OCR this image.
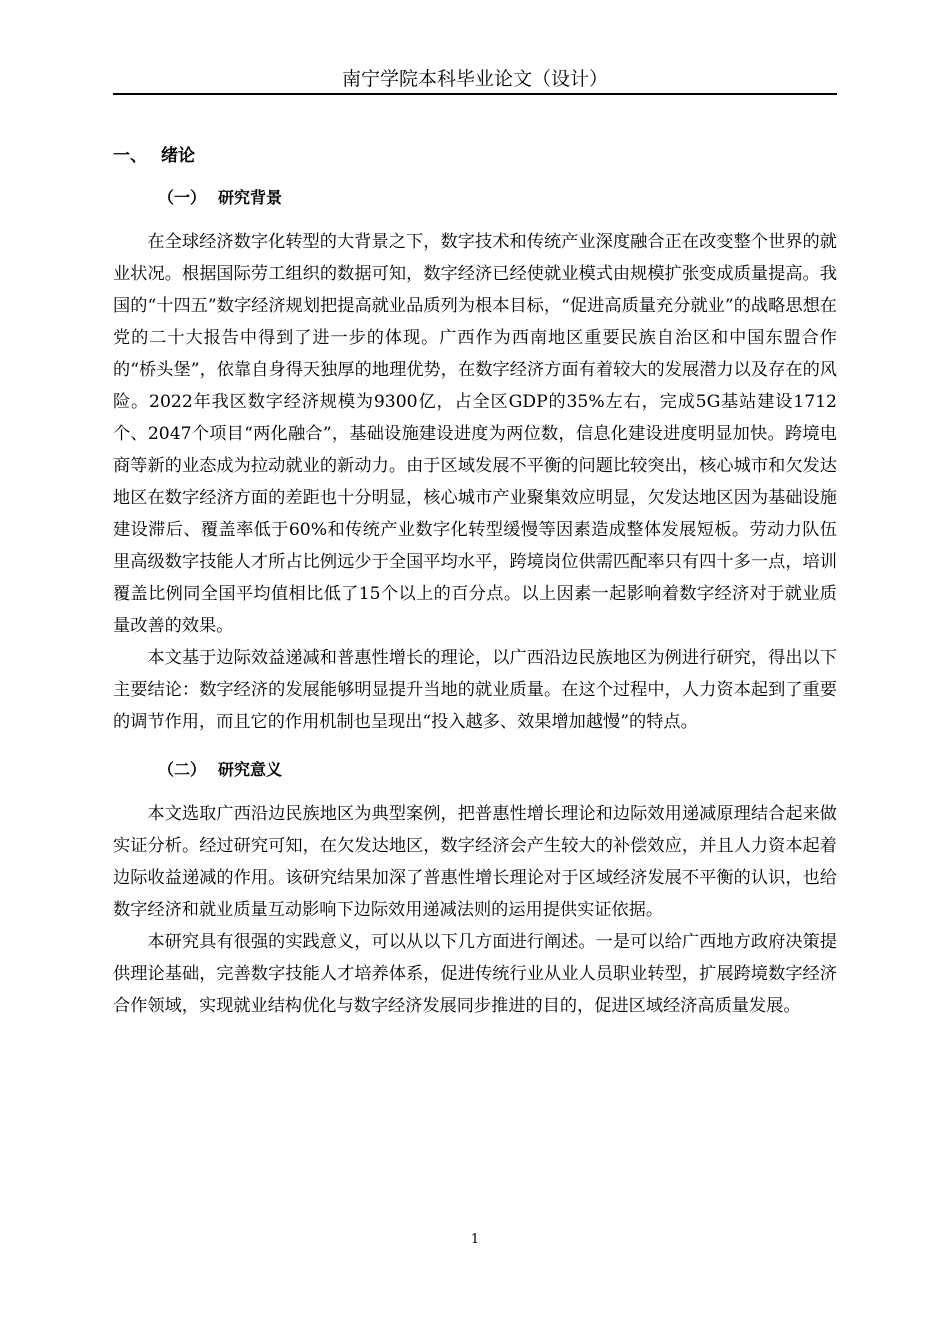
南宁学院本科毕业论文（设计）
一、 绪论
（一） 研究背景

在全球经济数字化转型的大背景之下，数字技术和传统产业深度融合正在改变整个世界的就业状况。根据国际劳工组织的数据可知，数字经济已经使就业模式由规模扩张变成质量提高。我国的“十四五”数字经济规划把提高就业品质列为根本目标，“促进高质量充分就业”的战略思想在党的二十大报告中得到了进一步的体现。广西作为西南地区重要民族自治区和中国东盟合作的“桥头堡”，依靠自身得天独厚的地理优势，在数字经济方面有着较大的发展潜力以及存在的风险。2022年我区数字经济规模为9300亿，占全区GDP的35%左右，完成5G基站建设1712个、2047个项目“两化融合”，基础设施建设进度为两位数，信息化建设进度明显加快。跨境电商等新的业态成为拉动就业的新动力。由于区域发展不平衡的问题比较突出，核心城市和欠发达地区在数字经济方面的差距也十分明显，核心城市产业聚集效应明显，欠发达地区因为基础设施建设滞后、覆盖率低于60%和传统产业数字化转型缓慢等因素造成整体发展短板。劳动力队伍里高级数字技能人才所占比例远少于全国平均水平，跨境岗位供需匹配率只有四十多一点，培训覆盖比例同全国平均值相比低了15个以上的百分点。以上因素一起影响着数字经济对于就业质量改善的效果。

本文基于边际效益递减和普惠性增长的理论，以广西沿边民族地区为例进行研究，得出以下主要结论：数字经济的发展能够明显提升当地的就业质量。在这个过程中，人力资本起到了重要的调节作用，而且它的作用机制也呈现出“投入越多、效果增加越慢”的特点。

（二） 研究意义

本文选取广西沿边民族地区为典型案例，把普惠性增长理论和边际效用递减原理结合起来做实证分析。经过研究可知，在欠发达地区，数字经济会产生较大的补偿效应，并且人力资本起着边际收益递减的作用。该研究结果加深了普惠性增长理论对于区域经济发展不平衡的认识，也给数字经济和就业质量互动影响下边际效用递减法则的运用提供实证依据。

本研究具有很强的实践意义，可以从以下几方面进行阐述。一是可以给广西地方政府决策提供理论基础，完善数字技能人才培养体系，促进传统行业从业人员职业转型，扩展跨境数字经济合作领域，实现就业结构优化与数字经济发展同步推进的目的，促进区域经济高质量发展。

1
